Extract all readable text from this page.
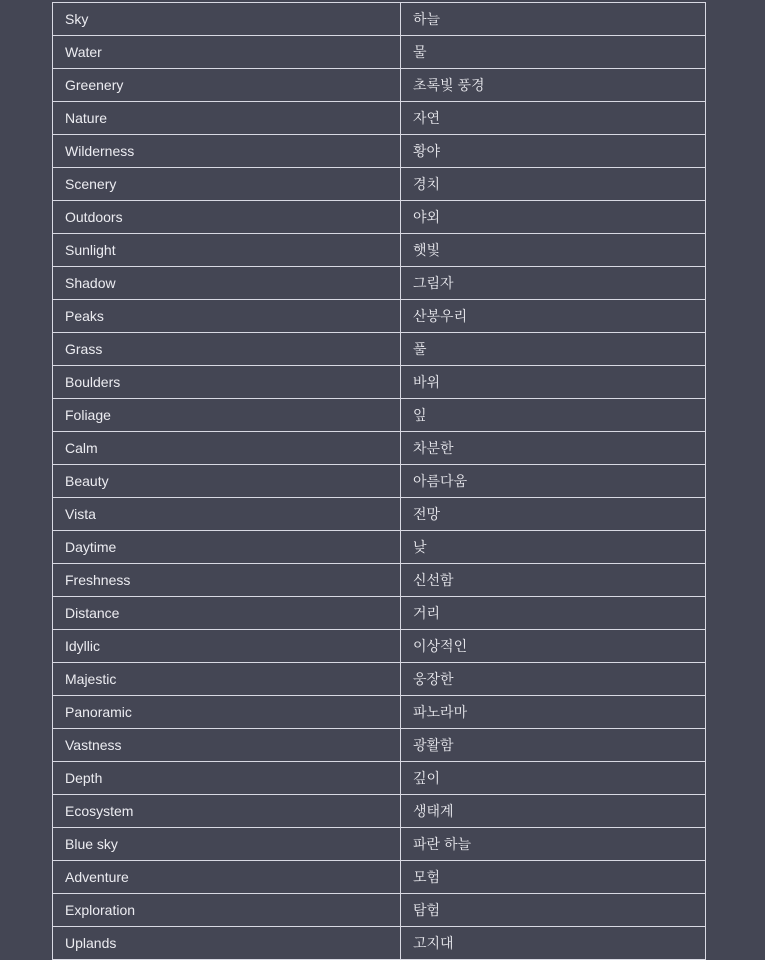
Sky	하늘
Water	물
Greenery	초록빛 풍경
Nature	자연
Wilderness	황야
Scenery	경치
Outdoors	야외
Sunlight	햇빛
Shadow	그림자
Peaks	산봉우리
Grass	풀
Boulders	바위
Foliage	잎
Calm	차분한
Beauty	아름다움
Vista	전망
Daytime	낮
Freshness	신선함
Distance	거리
Idyllic	이상적인
Majestic	웅장한
Panoramic	파노라마
Vastness	광활함
Depth	깊이
Ecosystem	생태계
Blue sky	파란 하늘
Adventure	모험
Exploration	탐험
Uplands	고지대
